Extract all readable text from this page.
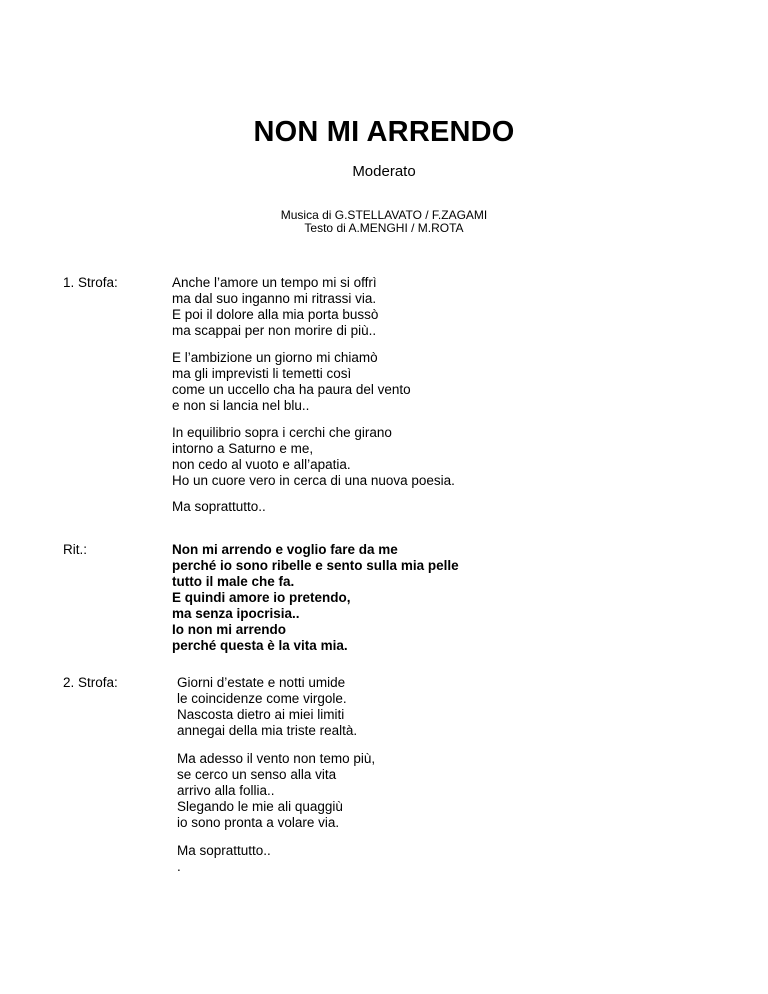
NON MI ARRENDO
Moderato
Musica di G.STELLAVATO / F.ZAGAMI
Testo di A.MENGHI / M.ROTA
1. Strofa:	Anche l’amore un tempo mi si offrì
ma dal suo inganno mi ritrassi via.
E poi il dolore alla mia porta bussò
ma scappai per non morire di più..
E l’ambizione un giorno mi chiamò
ma gli imprevisti li temetti così
come un uccello cha ha paura del vento
e non si lancia nel blu..
In equilibrio sopra i cerchi che girano
intorno a Saturno e me,
non cedo al vuoto e all’apatia.
Ho un cuore vero in cerca di una nuova poesia.
Ma soprattutto..
Rit.:	Non mi arrendo e voglio fare da me
perché io sono ribelle e sento sulla mia pelle
tutto il male che fa.
E quindi amore io pretendo,
ma senza ipocrisia..
Io non mi arrendo
perché questa è la vita mia.
2. Strofa:	Giorni d’estate e notti umide
le coincidenze come virgole.
Nascosta dietro ai miei limiti
annegai della mia triste realtà.
Ma adesso il vento non temo più,
se cerco un senso alla vita
arrivo alla follia..
Slegando le mie ali quaggiù
io sono pronta a volare via.
Ma soprattutto..
.
